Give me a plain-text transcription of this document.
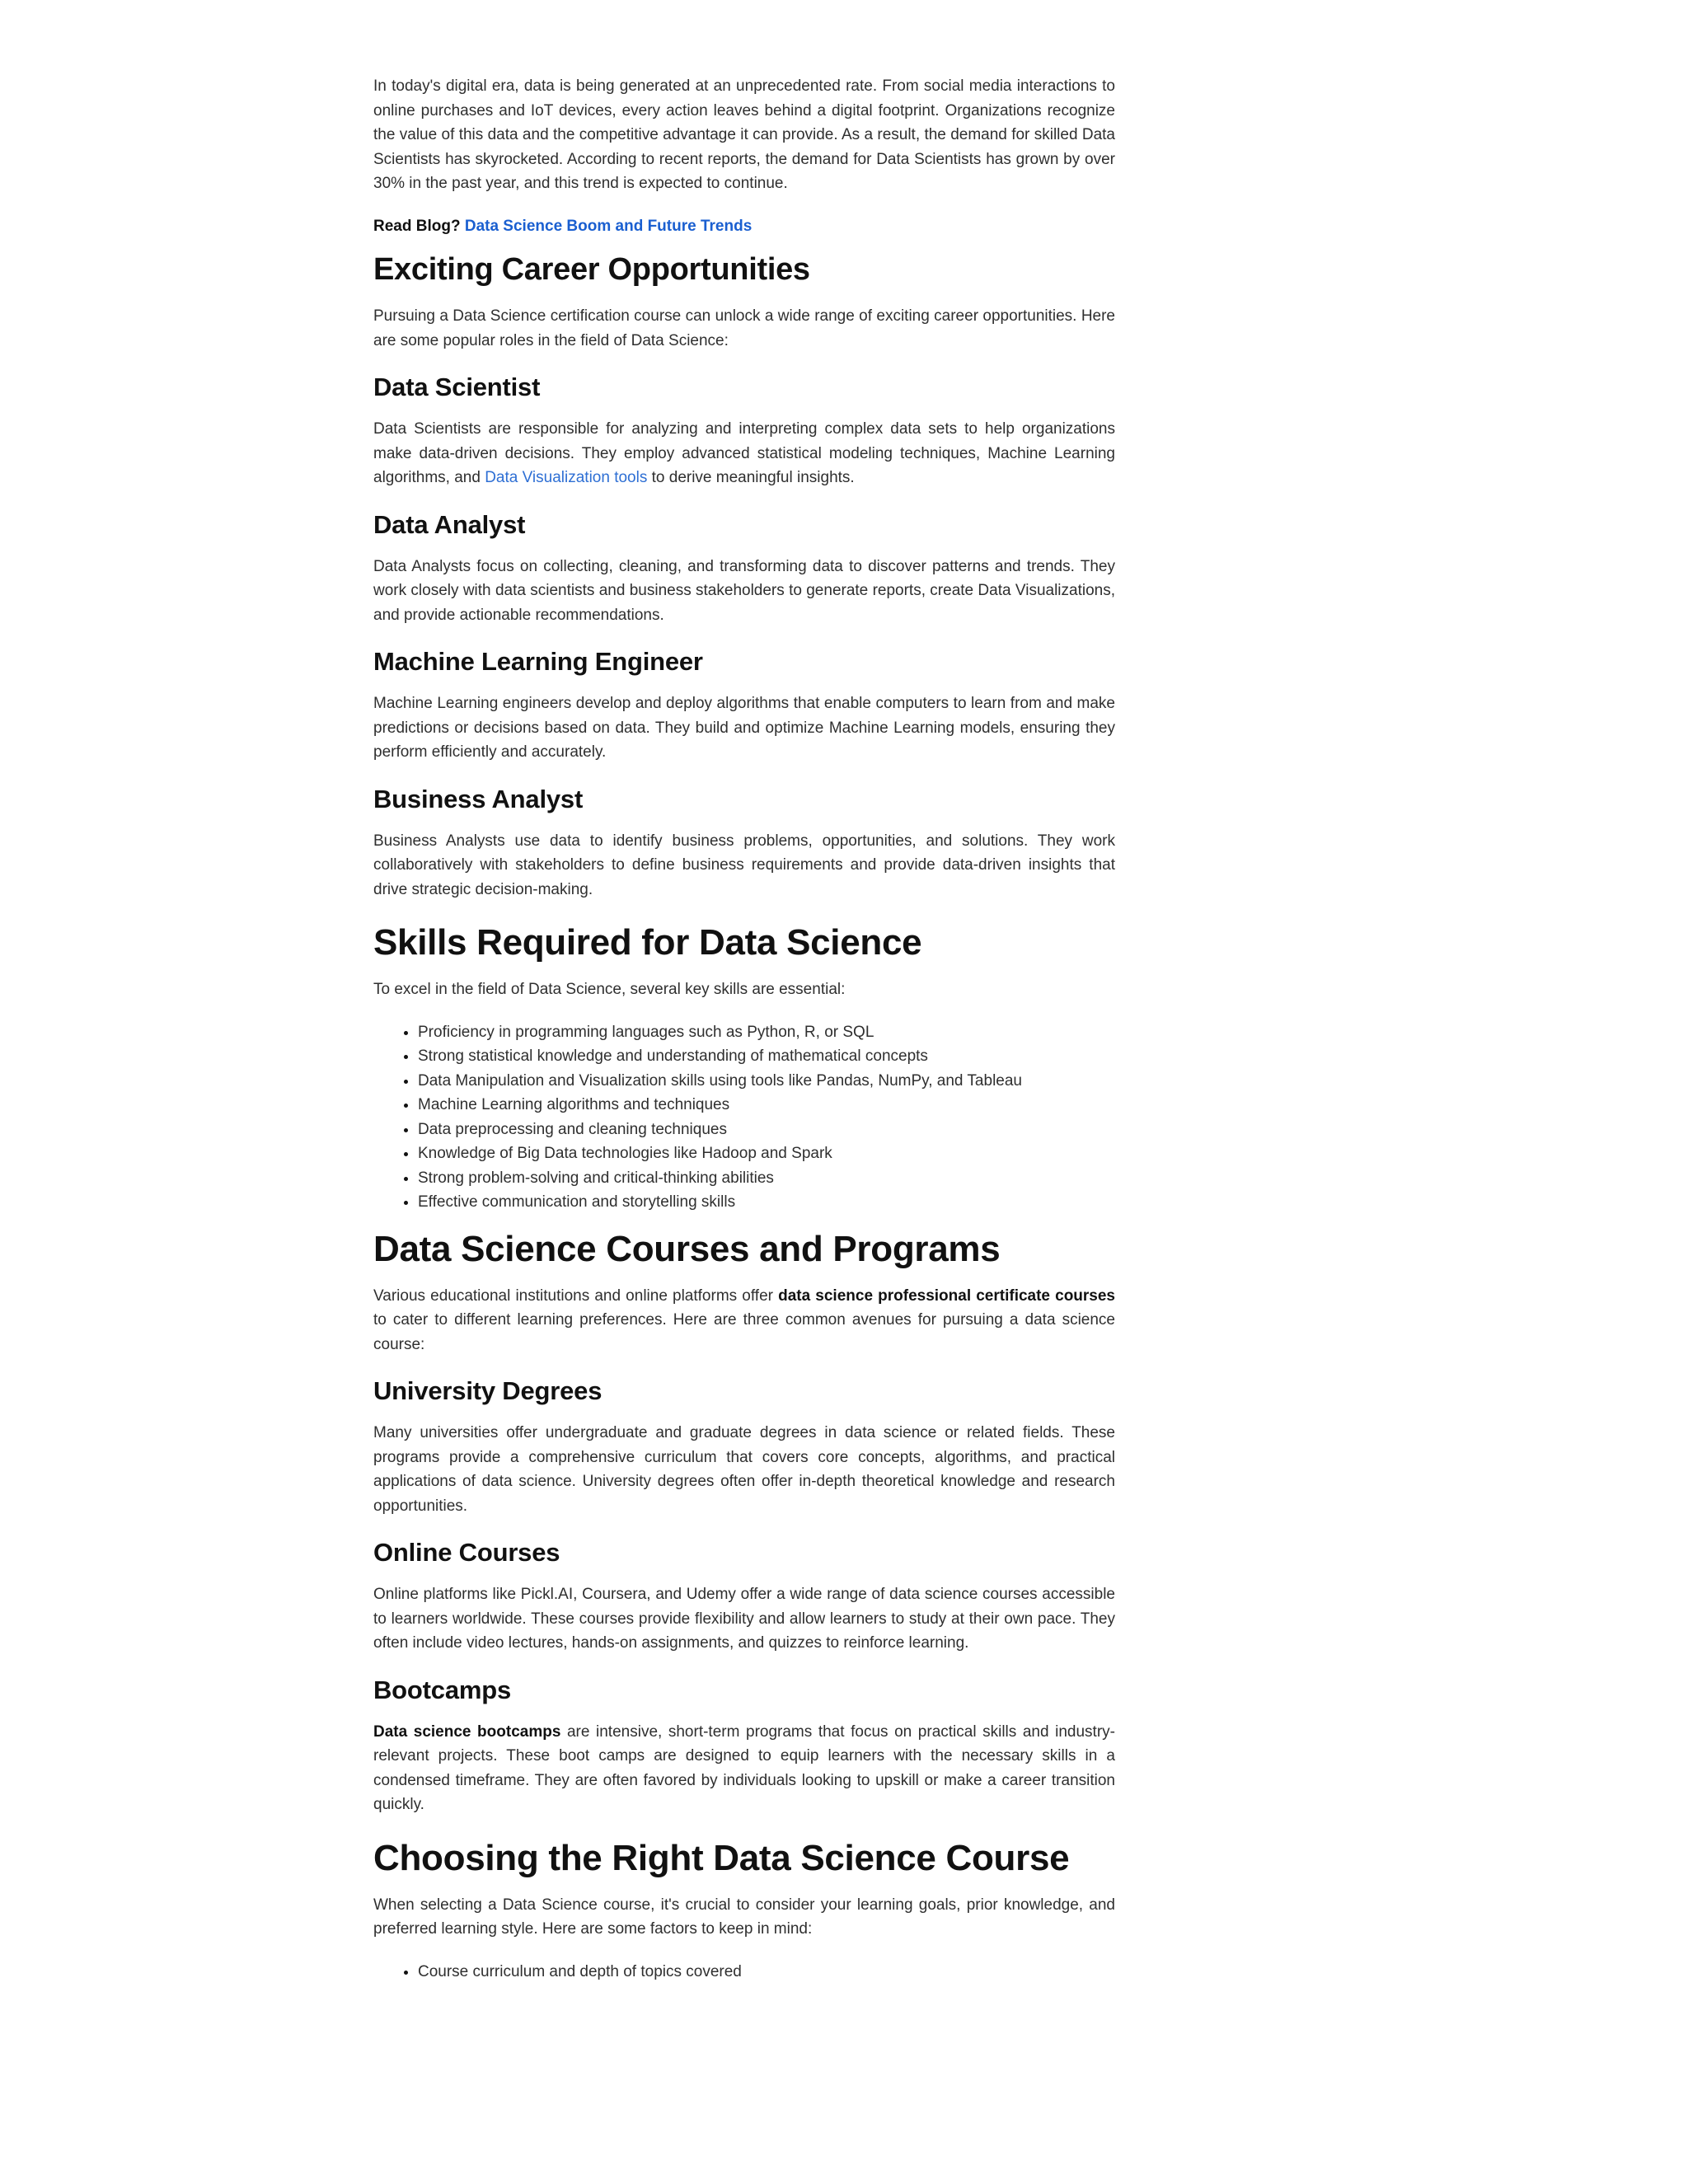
In today's digital era, data is being generated at an unprecedented rate. From social media interactions to online purchases and IoT devices, every action leaves behind a digital footprint. Organizations recognize the value of this data and the competitive advantage it can provide. As a result, the demand for skilled Data Scientists has skyrocketed. According to recent reports, the demand for Data Scientists has grown by over 30% in the past year, and this trend is expected to continue.

Read Blog? Data Science Boom and Future Trends
Exciting Career Opportunities

Pursuing a Data Science certification course can unlock a wide range of exciting career opportunities. Here are some popular roles in the field of Data Science:

Data Scientist

Data Scientists are responsible for analyzing and interpreting complex data sets to help organizations make data-driven decisions. They employ advanced statistical modeling techniques, Machine Learning algorithms, and Data Visualization tools to derive meaningful insights.

Data Analyst

Data Analysts focus on collecting, cleaning, and transforming data to discover patterns and trends. They work closely with data scientists and business stakeholders to generate reports, create Data Visualizations, and provide actionable recommendations.

Machine Learning Engineer

Machine Learning engineers develop and deploy algorithms that enable computers to learn from and make predictions or decisions based on data. They build and optimize Machine Learning models, ensuring they perform efficiently and accurately.

Business Analyst

Business Analysts use data to identify business problems, opportunities, and solutions. They work collaboratively with stakeholders to define business requirements and provide data-driven insights that drive strategic decision-making.

Skills Required for Data Science

To excel in the field of Data Science, several key skills are essential:

• Proficiency in programming languages such as Python, R, or SQL
• Strong statistical knowledge and understanding of mathematical concepts
• Data Manipulation and Visualization skills using tools like Pandas, NumPy, and Tableau
• Machine Learning algorithms and techniques
• Data preprocessing and cleaning techniques
• Knowledge of Big Data technologies like Hadoop and Spark
• Strong problem-solving and critical-thinking abilities
• Effective communication and storytelling skills
Data Science Courses and Programs

Various educational institutions and online platforms offer data science professional certificate courses to cater to different learning preferences. Here are three common avenues for pursuing a data science course:

University Degrees

Many universities offer undergraduate and graduate degrees in data science or related fields. These programs provide a comprehensive curriculum that covers core concepts, algorithms, and practical applications of data science. University degrees often offer in-depth theoretical knowledge and research opportunities.

Online Courses

Online platforms like Pickl.AI, Coursera, and Udemy offer a wide range of data science courses accessible to learners worldwide. These courses provide flexibility and allow learners to study at their own pace. They often include video lectures, hands-on assignments, and quizzes to reinforce learning.

Bootcamps

Data science bootcamps are intensive, short-term programs that focus on practical skills and industry-relevant projects. These boot camps are designed to equip learners with the necessary skills in a condensed timeframe. They are often favored by individuals looking to upskill or make a career transition quickly.

Choosing the Right Data Science Course

When selecting a Data Science course, it's crucial to consider your learning goals, prior knowledge, and preferred learning style. Here are some factors to keep in mind:

• Course curriculum and depth of topics covered
